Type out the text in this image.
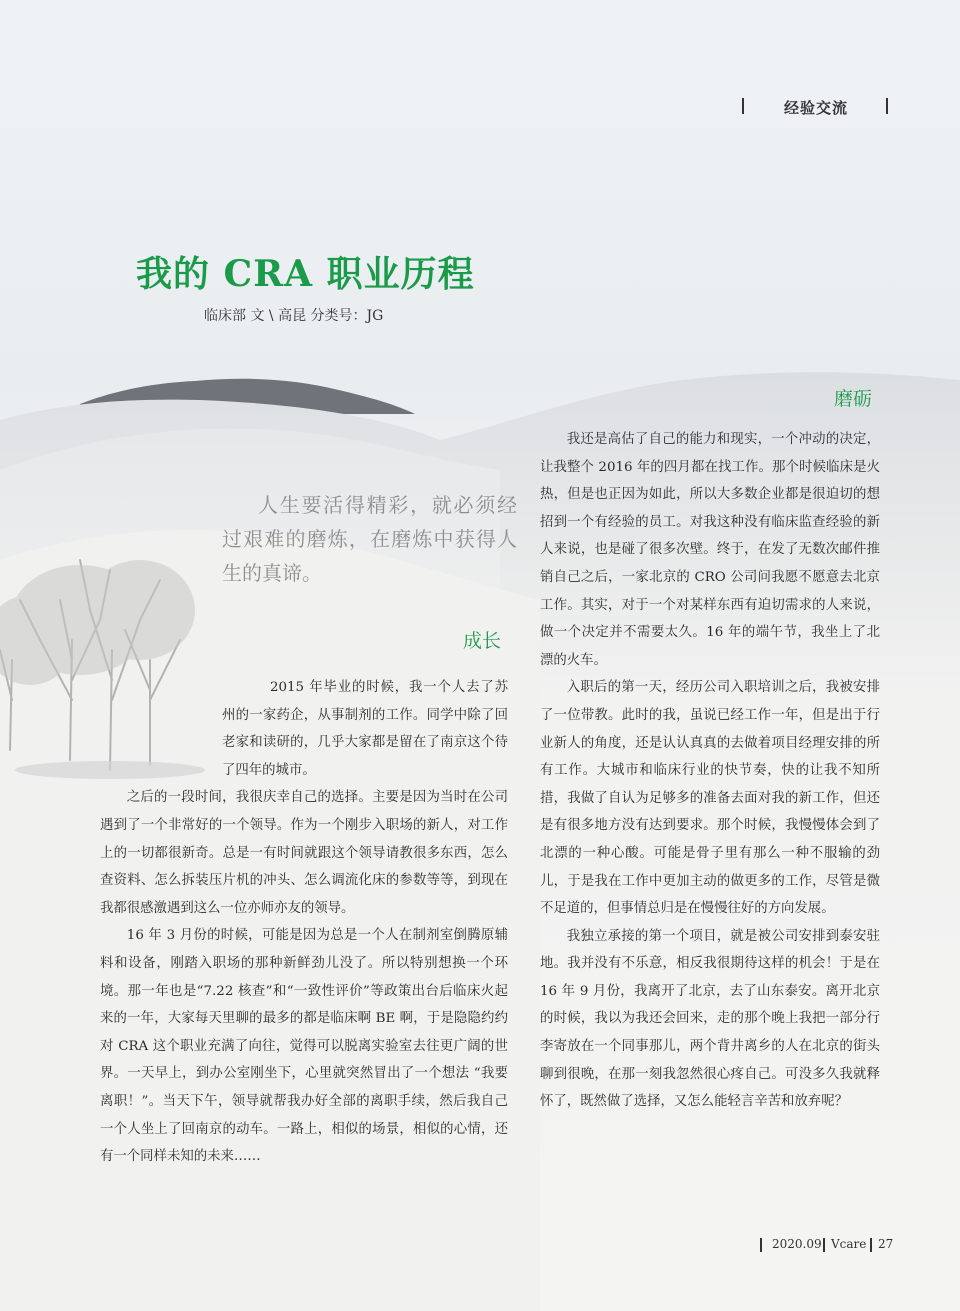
经验交流
我的 CRA 职业历程
临床部 文 \ 高昆 分类号：JG
人生要活得精彩，就必须经过艰难的磨炼，在磨炼中获得人生的真谛。
成长
磨砺

2015 年毕业的时候，我一个人去了苏州的一家药企，从事制剂的工作。同学中除了回老家和读研的，几乎大家都是留在了南京这个待了四年的城市。

之后的一段时间，我很庆幸自己的选择。主要是因为当时在公司遇到了一个非常好的一个领导。作为一个刚步入职场的新人，对工作上的一切都很新奇。总是一有时间就跟这个领导请教很多东西，怎么查资料、怎么拆装压片机的冲头、怎么调流化床的参数等等，到现在我都很感激遇到这么一位亦师亦友的领导。

16 年 3 月份的时候，可能是因为总是一个人在制剂室倒腾原辅料和设备，刚踏入职场的那种新鲜劲儿没了。所以特别想换一个环境。那一年也是“7.22 核查”和“一致性评价”等政策出台后临床火起来的一年，大家每天里聊的最多的都是临床啊 BE 啊，于是隐隐约约对 CRA 这个职业充满了向往，觉得可以脱离实验室去往更广阔的世界。一天早上，到办公室刚坐下，心里就突然冒出了一个想法 “我要离职！”。当天下午，领导就帮我办好全部的离职手续，然后我自己一个人坐上了回南京的动车。一路上，相似的场景，相似的心情，还有一个同样未知的未来……

我还是高估了自己的能力和现实，一个冲动的决定，让我整个 2016 年的四月都在找工作。那个时候临床是火热，但是也正因为如此，所以大多数企业都是很迫切的想招到一个有经验的员工。对我这种没有临床监查经验的新人来说，也是碰了很多次壁。终于，在发了无数次邮件推销自己之后，一家北京的 CRO 公司问我愿不愿意去北京工作。其实，对于一个对某样东西有迫切需求的人来说，做一个决定并不需要太久。16 年的端午节，我坐上了北漂的火车。

入职后的第一天，经历公司入职培训之后，我被安排了一位带教。此时的我，虽说已经工作一年，但是出于行业新人的角度，还是认认真真的去做着项目经理安排的所有工作。大城市和临床行业的快节奏，快的让我不知所措，我做了自认为足够多的准备去面对我的新工作，但还是有很多地方没有达到要求。那个时候，我慢慢体会到了北漂的一种心酸。可能是骨子里有那么一种不服输的劲儿，于是我在工作中更加主动的做更多的工作，尽管是微不足道的，但事情总归是在慢慢往好的方向发展。

我独立承接的第一个项目，就是被公司安排到泰安驻地。我并没有不乐意，相反我很期待这样的机会！于是在 16 年 9 月份，我离开了北京，去了山东泰安。离开北京的时候，我以为我还会回来，走的那个晚上我把一部分行李寄放在一个同事那儿，两个背井离乡的人在北京的街头聊到很晚，在那一刻我忽然很心疼自己。可没多久我就释怀了，既然做了选择，又怎么能轻言辛苦和放弃呢？

2020.09 Vcare 27
